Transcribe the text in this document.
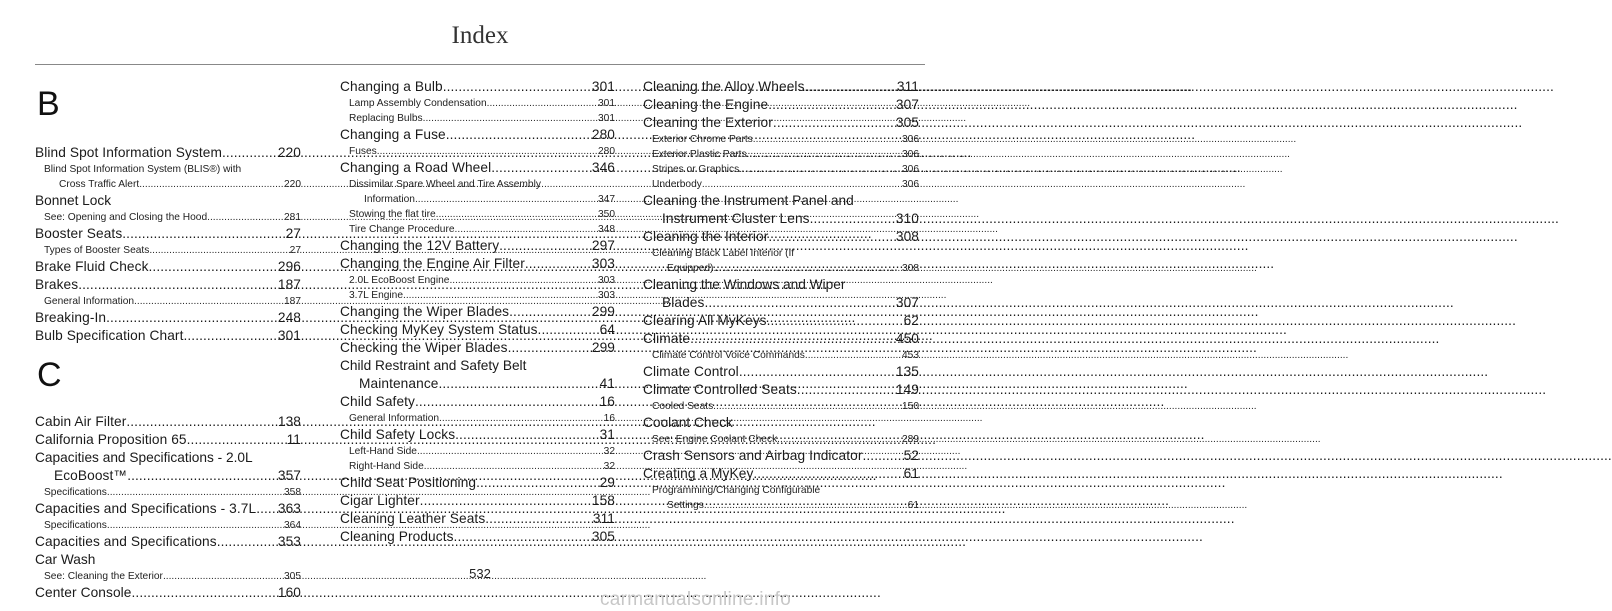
Index
B
Blind Spot Information System .....	220
Blind Spot Information System (BLIS®) with
Cross Traffic Alert .....	220
Bonnet Lock
See: Opening and Closing the Hood .....	281
Booster Seats .....	27
Types of Booster Seats .....	27
Brake Fluid Check .....	296
Brakes .....	187
General Information .....	187
Breaking-In .....	248
Bulb Specification Chart .....	301
C
Cabin Air Filter .....	138
California Proposition 65 .....	11
Capacities and Specifications - 2.0L
EcoBoost™ .....	357
Specifications .....	358
Capacities and Specifications - 3.7L ..... 363
Specifications .....	364
Capacities and Specifications .....	353
Car Wash
See: Cleaning the Exterior .....	305
Center Console .....	160
Changing a Bulb .....	301
Lamp Assembly Condensation .....	301
Replacing Bulbs .....	301
Changing a Fuse .....	280
Fuses .....	280
Changing a Road Wheel .....	346
Dissimilar Spare Wheel and Tire Assembly
Information .....	347
Stowing the flat tire .....	350
Tire Change Procedure .....	348
Changing the 12V Battery .....	297
Changing the Engine Air Filter .....	303
2.0L EcoBoost Engine .....	303
3.7L Engine .....	303
Changing the Wiper Blades .....	299
Checking MyKey System Status .....	64
Checking the Wiper Blades .....	299
Child Restraint and Safety Belt
Maintenance .....	41
Child Safety .....	16
General Information .....	16
Child Safety Locks .....	31
Left-Hand Side .....	32
Right-Hand Side .....	32
Child Seat Positioning .....	29
Cigar Lighter .....	158
Cleaning Leather Seats .....	311
Cleaning Products .....	305
Cleaning the Alloy Wheels .....	311
Cleaning the Engine .....	307
Cleaning the Exterior .....	305
Exterior Chrome Parts .....	306
Exterior Plastic Parts .....	306
Stripes or Graphics .....	306
Underbody .....	306
Cleaning the Instrument Panel and
Instrument Cluster Lens .....	310
Cleaning the Interior .....	308
Cleaning Black Label Interior (If
Equipped) .....	308
Cleaning the Windows and Wiper
Blades .....	307
Clearing All MyKeys .....	62
Climate .....	450
Climate Control Voice Commands .....	453
Climate Control .....	135
Climate Controlled Seats .....	149
Cooled Seats .....	150
Coolant Check
See: Engine Coolant Check .....	289
Crash Sensors and Airbag Indicator .....	52
Creating a MyKey .....	61
Programming/Changing Configurable
Settings .....	61
532
carmanualsonline.info
